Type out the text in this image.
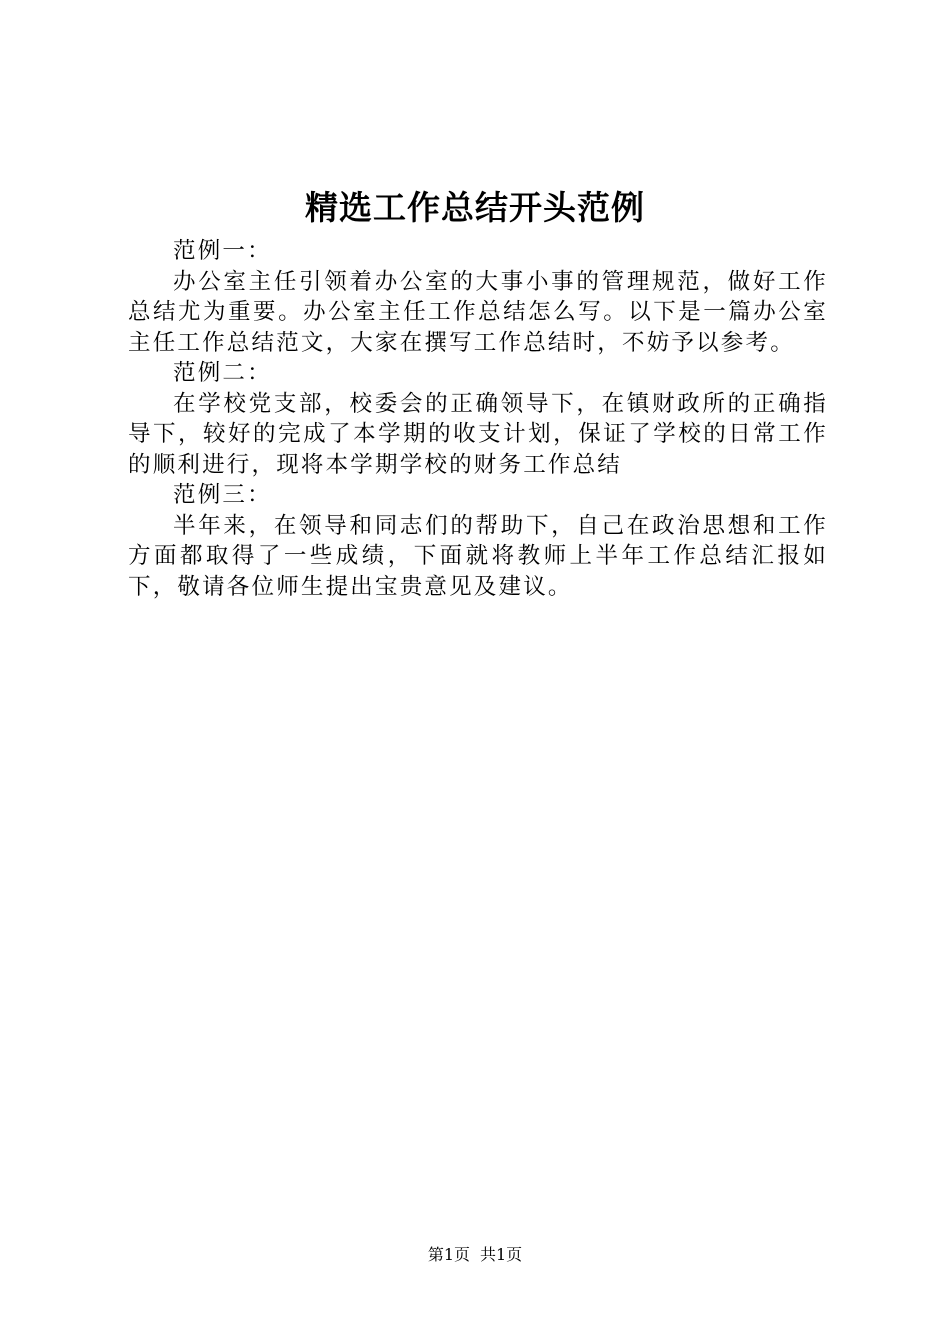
精选工作总结开头范例

范例一：

办公室主任引领着办公室的大事小事的管理规范，做好工作总结尤为重要。办公室主任工作总结怎么写。以下是一篇办公室主任工作总结范文，大家在撰写工作总结时，不妨予以参考。

范例二：

在学校党支部，校委会的正确领导下，在镇财政所的正确指导下，较好的完成了本学期的收支计划，保证了学校的日常工作的顺利进行，现将本学期学校的财务工作总结

范例三：

半年来，在领导和同志们的帮助下，自己在政治思想和工作方面都取得了一些成绩，下面就将教师上半年工作总结汇报如下，敬请各位师生提出宝贵意见及建议。

第1页 共1页
